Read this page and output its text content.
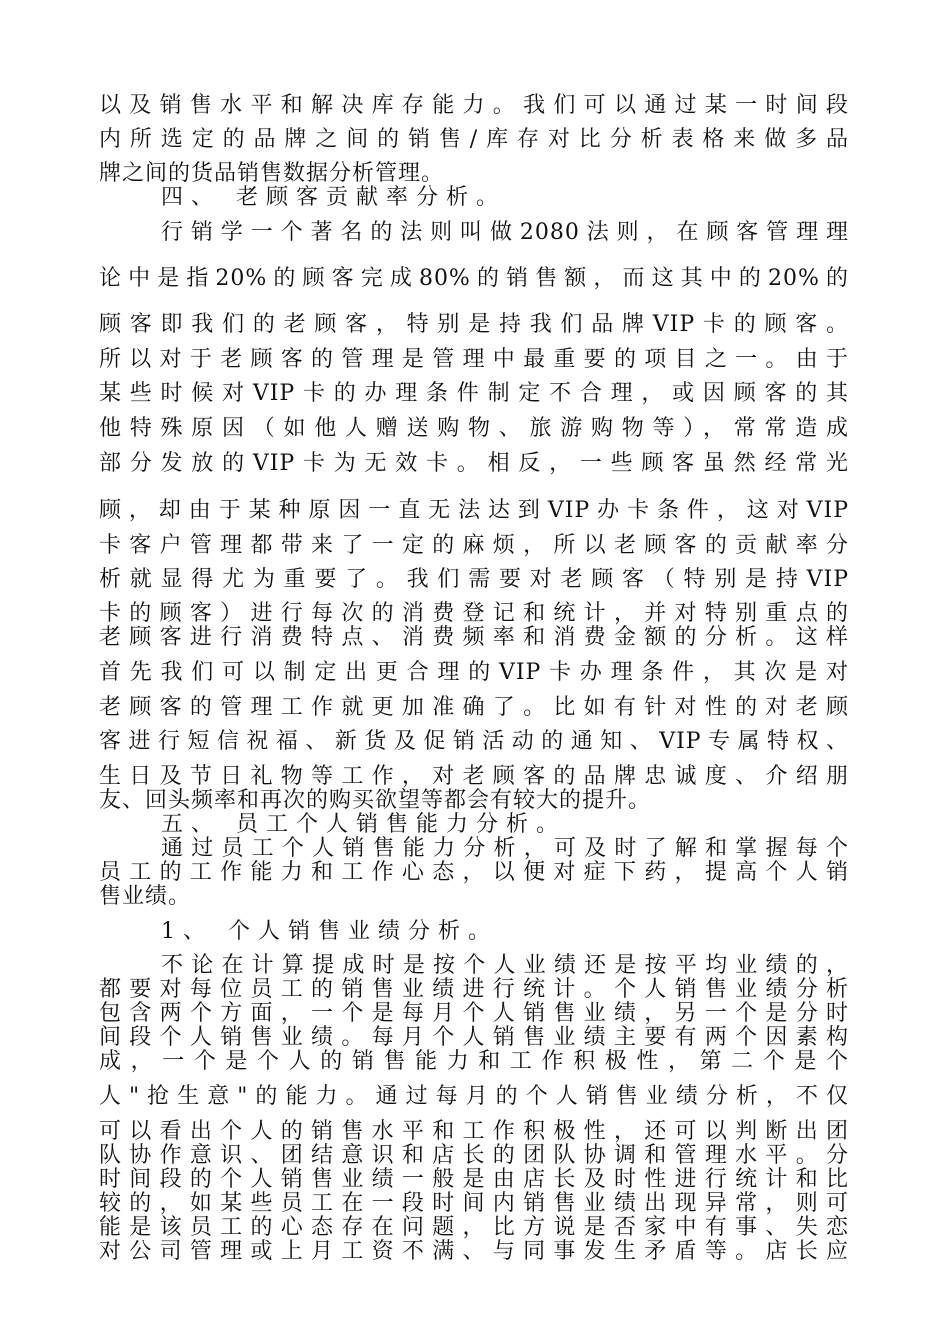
以及销售水平和解决库存能力。我们可以通过某一时间段
内所选定的品牌之间的销售/库存对比分析表格来做多品
牌之间的货品销售数据分析管理。
四、 老顾客贡献率分析。
行销学一个著名的法则叫做2080法则，在顾客管理理
论中是指20%的顾客完成80%的销售额，而这其中的20%的
顾客即我们的老顾客，特别是持我们品牌VIP卡的顾客。
所以对于老顾客的管理是管理中最重要的项目之一。由于
某些时候对VIP卡的办理条件制定不合理，或因顾客的其
他特殊原因（如他人赠送购物、旅游购物等），常常造成
部分发放的VIP卡为无效卡。相反，一些顾客虽然经常光
顾，却由于某种原因一直无法达到VIP办卡条件，这对VIP
卡客户管理都带来了一定的麻烦，所以老顾客的贡献率分
析就显得尤为重要了。我们需要对老顾客（特别是持VIP
卡的顾客）进行每次的消费登记和统计，并对特别重点的
老顾客进行消费特点、消费频率和消费金额的分析。这样
首先我们可以制定出更合理的VIP卡办理条件，其次是对
老顾客的管理工作就更加准确了。比如有针对性的对老顾
客进行短信祝福、新货及促销活动的通知、VIP专属特权、
生日及节日礼物等工作，对老顾客的品牌忠诚度、介绍朋
友、回头频率和再次的购买欲望等都会有较大的提升。
五、 员工个人销售能力分析。
通过员工个人销售能力分析，可及时了解和掌握每个
员工的工作能力和工作心态，以便对症下药，提高个人销
售业绩。
1、 个人销售业绩分析。
不论在计算提成时是按个人业绩还是按平均业绩的，
都要对每位员工的销售业绩进行统计。个人销售业绩分析
包含两个方面，一个是每月个人销售业绩，另一个是分时
间段个人销售业绩。每月个人销售业绩主要有两个因素构
成，一个是个人的销售能力和工作积极性，第二个是个
人"抢生意"的能力。通过每月的个人销售业绩分析，不仅
可以看出个人的销售水平和工作积极性，还可以判断出团
队协作意识、团结意识和店长的团队协调和管理水平。分
时间段的个人销售业绩一般是由店长及时性进行统计和比
较的，如某些员工在一段时间内销售业绩出现异常，则可
能是该员工的心态存在问题，比方说是否家中有事、失恋
对公司管理或上月工资不满、与同事发生矛盾等。店长应
